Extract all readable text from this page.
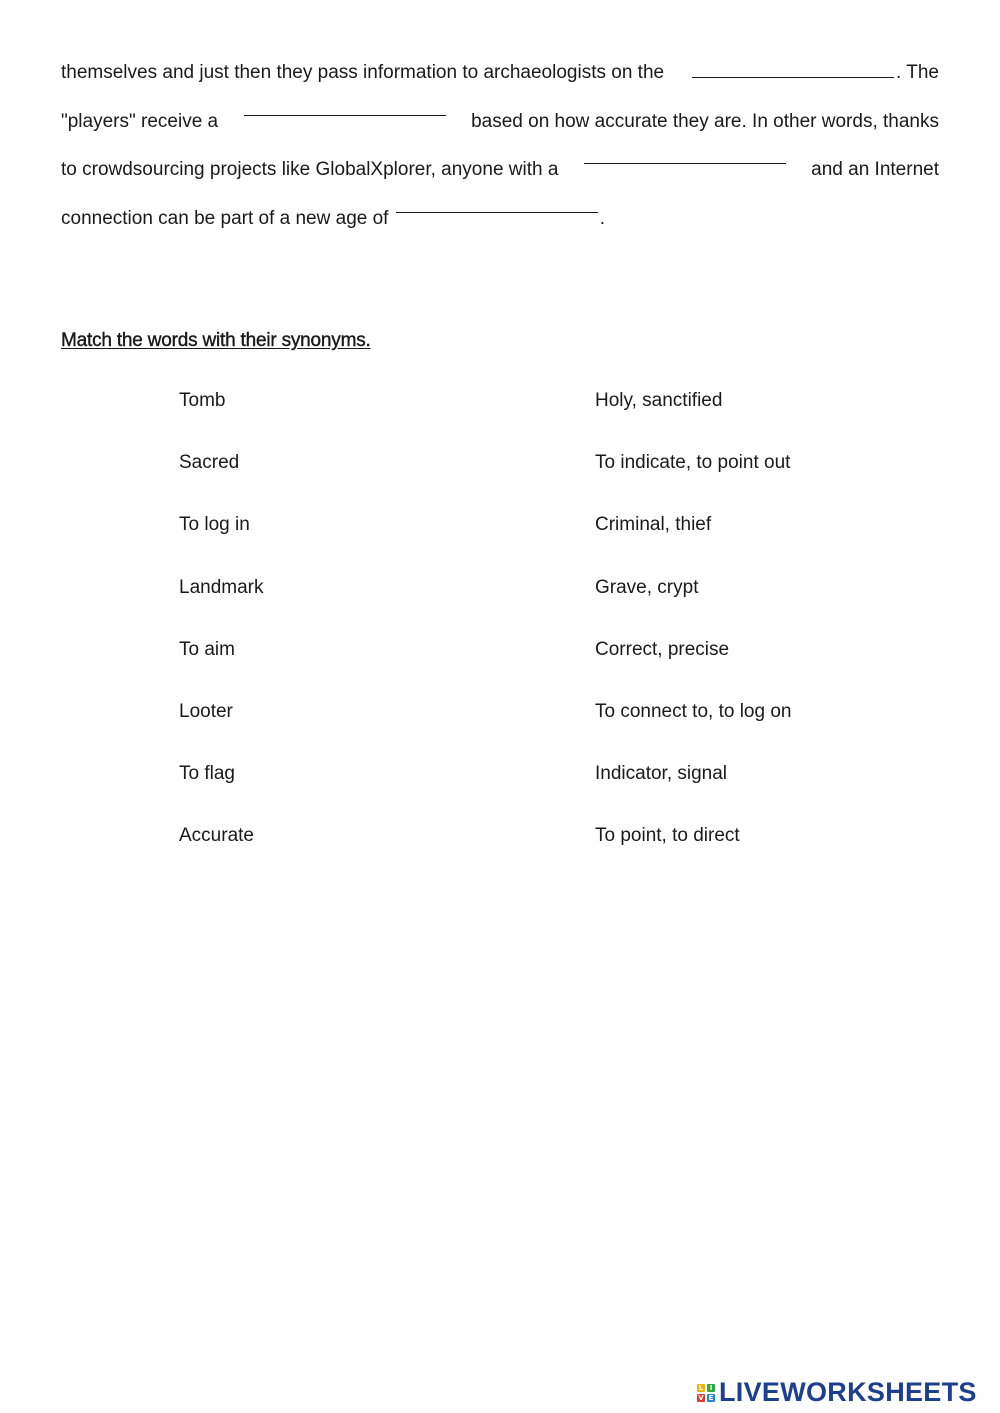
themselves and just then they pass information to archaeologists on the	. The
"players" receive a	based on how accurate they are. In other words, thanks
to crowdsourcing projects like GlobalXplorer, anyone with a	and an Internet
connection can be part of a new age of
	.
Match the words with their synonyms.
Tomb	Holy, sanctified
Sacred	To indicate, to point out
To log in	Criminal, thief
Landmark	Grave, crypt
To aim	Correct, precise
Looter	To connect to, to log on
To flag	Indicator, signal
Accurate	To point, to direct
L I
V E LIVEWORKSHEETS
